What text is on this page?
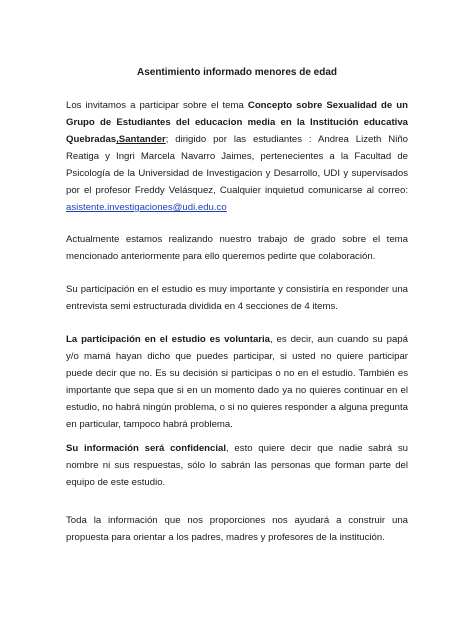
Asentimiento informado menores de edad

Los invitamos a participar sobre el tema Concepto sobre Sexualidad de un Grupo de Estudiantes del educacion media en la Institución educativa Quebradas,Santander; dirigido por las estudiantes : Andrea Lizeth Niño Reatiga y Ingri Marcela Navarro Jaimes, pertenecientes a la Facultad de Psicología de la Universidad de Investigacion y Desarrollo, UDI y supervisados por el profesor Freddy Velásquez, Cualquier inquietud comunicarse al correo: asistente.investigaciones@udi.edu.co

Actualmente estamos realizando nuestro trabajo de grado sobre el tema mencionado anteriormente para ello queremos pedirte que colaboración.

Su participación en el estudio es muy importante y consistiría en responder una entrevista semi estructurada dividida en 4 secciones de 4 items.

La participación en el estudio es voluntaria, es decir, aun cuando su papá y/o mamá hayan dicho que puedes participar, si usted no quiere participar puede decir que no. Es su decisión si participas o no en el estudio. También es importante que sepa que si en un momento dado ya no quieres continuar en el estudio, no habrá ningún problema, o si no quieres responder a alguna pregunta en particular, tampoco habrá problema.

Su información será confidencial, esto quiere decir que nadie sabrá su nombre ni sus respuestas, sólo lo sabrán las personas que forman parte del equipo de este estudio.

Toda la información que nos proporciones nos ayudará a construir una propuesta para orientar a los padres, madres y profesores de la institución.
